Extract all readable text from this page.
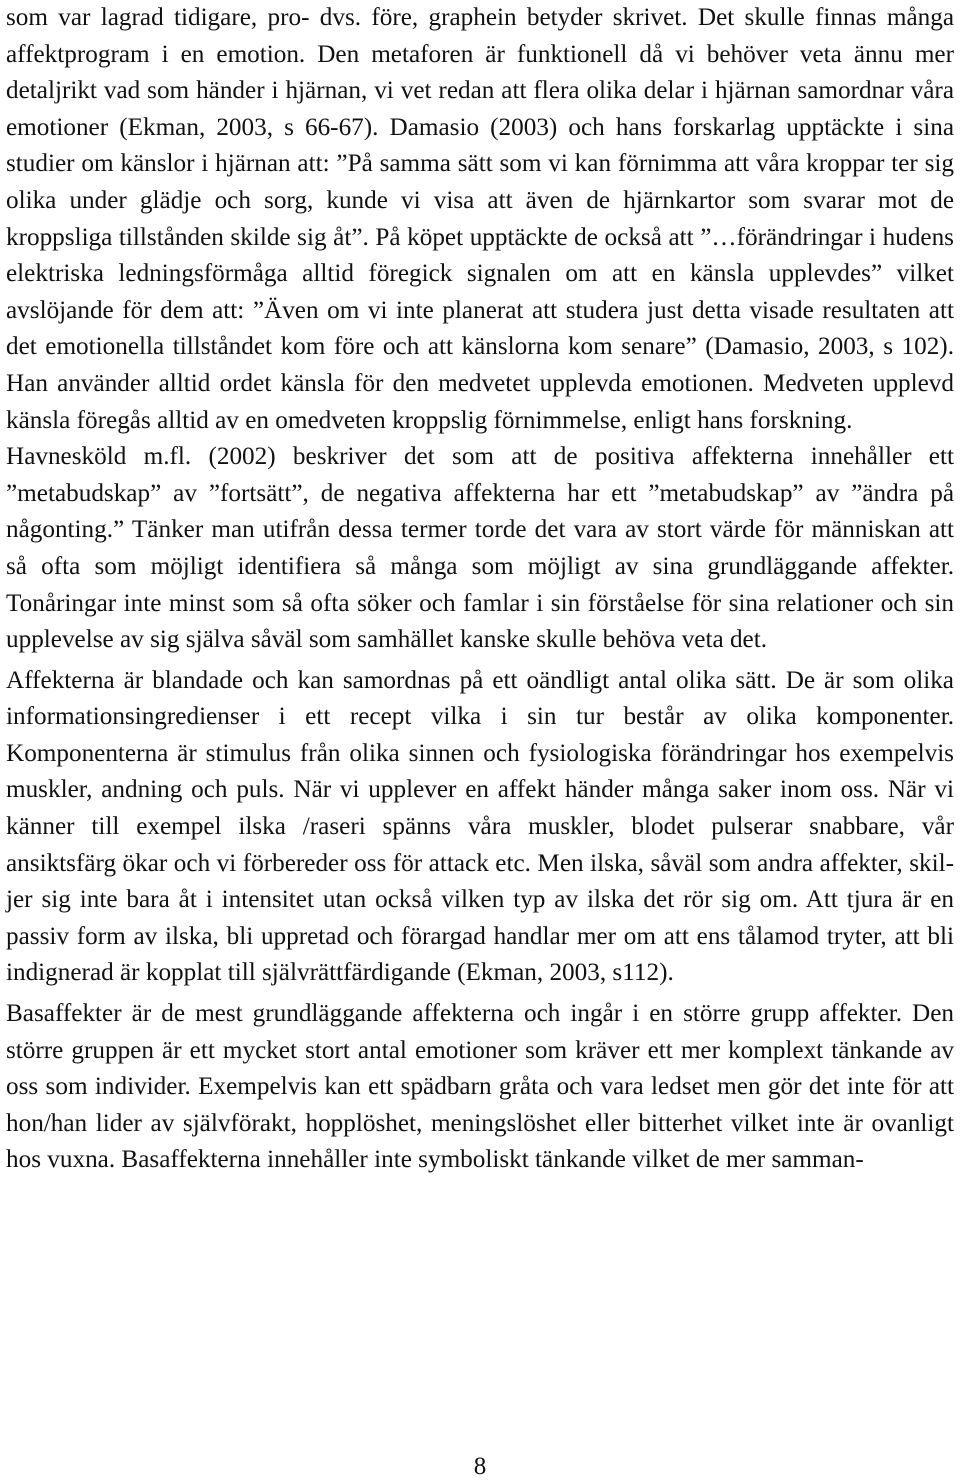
som var lagrad tidigare, pro- dvs. före, graphein betyder skrivet. Det skulle finnas många affektprogram i en emotion. Den metaforen är funktionell då vi behöver veta ännu mer detaljrikt vad som händer i hjärnan, vi vet redan att flera olika delar i hjärnan samordnar våra emotioner (Ekman, 2003, s 66-67). Damasio (2003) och hans forskarlag upptäckte i sina studier om känslor i hjärnan att: ”På samma sätt som vi kan förnimma att våra kroppar ter sig olika under glädje och sorg, kunde vi visa att även de hjärnkartor som svarar mot de kroppsliga tillstånden skilde sig åt”. På köpet upptäckte de också att ”…förändringar i hudens elektriska ledningsförmåga alltid föregick signalen om att en känsla upplevdes” vilket avslöjande för dem att: ”Även om vi inte planerat att studera just detta visade resultaten att det emotionella tillståndet kom före och att känslorna kom senare” (Damasio, 2003, s 102). Han använder alltid ordet känsla för den medvetet upplevda emotionen. Medveten upplevd känsla föregås alltid av en omedveten kroppslig förnimmelse, enligt hans forskning.

Havnesköld m.fl. (2002) beskriver det som att de positiva affekterna innehåller ett ”metabudskap” av ”fortsätt”, de negativa affekterna har ett ”metabudskap” av ”ändra på någonting.” Tänker man utifrån dessa termer torde det vara av stort värde för människan att så ofta som möjligt identifiera så många som möjligt av sina grundläggande affekter. Tonåringar inte minst som så ofta söker och famlar i sin förståelse för sina relationer och sin upplevelse av sig själva såväl som samhället kanske skulle behöva veta det.

Affekterna är blandade och kan samordnas på ett oändligt antal olika sätt. De är som olika informationsingredienser i ett recept vilka i sin tur består av olika komponenter. Komponenterna är stimulus från olika sinnen och fysiologiska förändringar hos exempelvis muskler, andning och puls. När vi upplever en affekt händer många saker inom oss. När vi känner till exempel ilska /raseri spänns våra muskler, blodet pulserar snabbare, vår ansiktsfärg ökar och vi förbereder oss för attack etc. Men ilska, såväl som andra affekter, skiljer sig inte bara åt i intensitet utan också vilken typ av ilska det rör sig om. Att tjura är en passiv form av ilska, bli uppretad och förargad handlar mer om att ens tålamod tryter, att bli indignerad är kopplat till självrättfärdigande (Ekman, 2003, s112).

Basaffekter är de mest grundläggande affekterna och ingår i en större grupp affekter. Den större gruppen är ett mycket stort antal emotioner som kräver ett mer komplext tänkande av oss som individer. Exempelvis kan ett spädbarn gråta och vara ledset men gör det inte för att hon/han lider av självförakt, hopplöshet, meningslöshet eller bitterhet vilket inte är ovanligt hos vuxna. Basaffekterna innehåller inte symboliskt tänkande vilket de mer samman-

8
